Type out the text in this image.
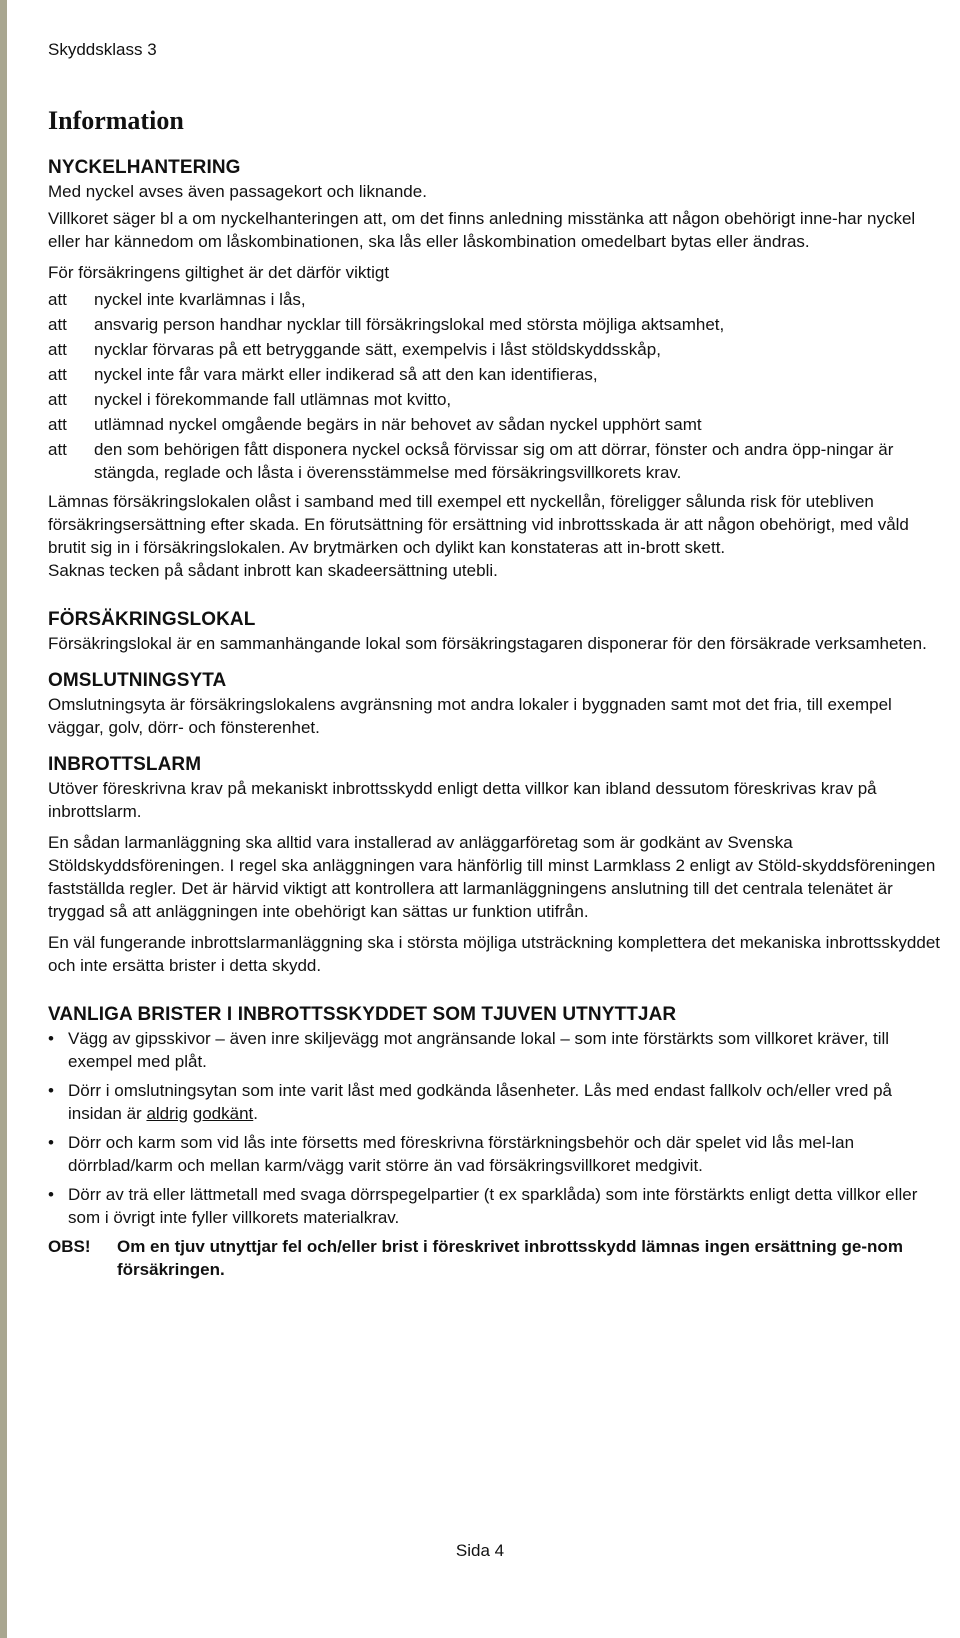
Skyddsklass 3
Information
NYCKELHANTERING

Med nyckel avses även passagekort och liknande.

Villkoret säger bl a om nyckelhanteringen att, om det finns anledning misstänka att någon obehörigt inne-har nyckel eller har kännedom om låskombinationen, ska lås eller låskombination omedelbart bytas eller ändras.

För försäkringens giltighet är det därför viktigt

att	nyckel inte kvarlämnas i lås,
att	ansvarig person handhar nycklar till försäkringslokal med största möjliga aktsamhet,
att	nycklar förvaras på ett betryggande sätt, exempelvis i låst stöldskyddsskåp,
att	nyckel inte får vara märkt eller indikerad så att den kan identifieras,
att	nyckel i förekommande fall utlämnas mot kvitto,
att	utlämnad nyckel omgående begärs in när behovet av sådan nyckel upphört samt
att	den som behörigen fått disponera nyckel också förvissar sig om att dörrar, fönster och andra öpp-ningar är stängda, reglade och låsta i överensstämmelse med försäkringsvillkorets krav.

Lämnas försäkringslokalen olåst i samband med till exempel ett nyckellån, föreligger sålunda risk för utebliven försäkringsersättning efter skada. En förutsättning för ersättning vid inbrottsskada är att någon obehörigt, med våld brutit sig in i försäkringslokalen. Av brytmärken och dylikt kan konstateras att in-brott skett.

Saknas tecken på sådant inbrott kan skadeersättning utebli.

FÖRSÄKRINGSLOKAL

Försäkringslokal är en sammanhängande lokal som försäkringstagaren disponerar för den försäkrade verksamheten.

OMSLUTNINGSYTA

Omslutningsyta är försäkringslokalens avgränsning mot andra lokaler i byggnaden samt mot det fria, till exempel väggar, golv, dörr- och fönsterenhet.

INBROTTSLARM

Utöver föreskrivna krav på mekaniskt inbrottsskydd enligt detta villkor kan ibland dessutom föreskrivas krav på inbrottslarm.

En sådan larmanläggning ska alltid vara installerad av anläggarföretag som är godkänt av Svenska Stöldskyddsföreningen. I regel ska anläggningen vara hänförlig till minst Larmklass 2 enligt av Stöld-skyddsföreningen fastställda regler. Det är härvid viktigt att kontrollera att larmanläggningens anslutning till det centrala telenätet är tryggad så att anläggningen inte obehörigt kan sättas ur funktion utifrån.

En väl fungerande inbrottslarmanläggning ska i största möjliga utsträckning komplettera det mekaniska inbrottsskyddet och inte ersätta brister i detta skydd.

VANLIGA BRISTER I INBROTTSSKYDDET SOM TJUVEN UTNYTTJAR
• Vägg av gipsskivor – även inre skiljevägg mot angränsande lokal – som inte förstärkts som villkoret kräver, till exempel med plåt.
• Dörr i omslutningsytan som inte varit låst med godkända låsenheter. Lås med endast fallkolv och/eller vred på insidan är aldrig godkänt.
• Dörr och karm som vid lås inte försetts med föreskrivna förstärkningsbehör och där spelet vid lås mel-lan dörrblad/karm och mellan karm/vägg varit större än vad försäkringsvillkoret medgivit.
• Dörr av trä eller lättmetall med svaga dörrspegelpartier (t ex sparklåda) som inte förstärkts enligt detta villkor eller som i övrigt inte fyller villkorets materialkrav.
OBS!	Om en tjuv utnyttjar fel och/eller brist i föreskrivet inbrottsskydd lämnas ingen ersättning ge-nom försäkringen.
Sida 4
